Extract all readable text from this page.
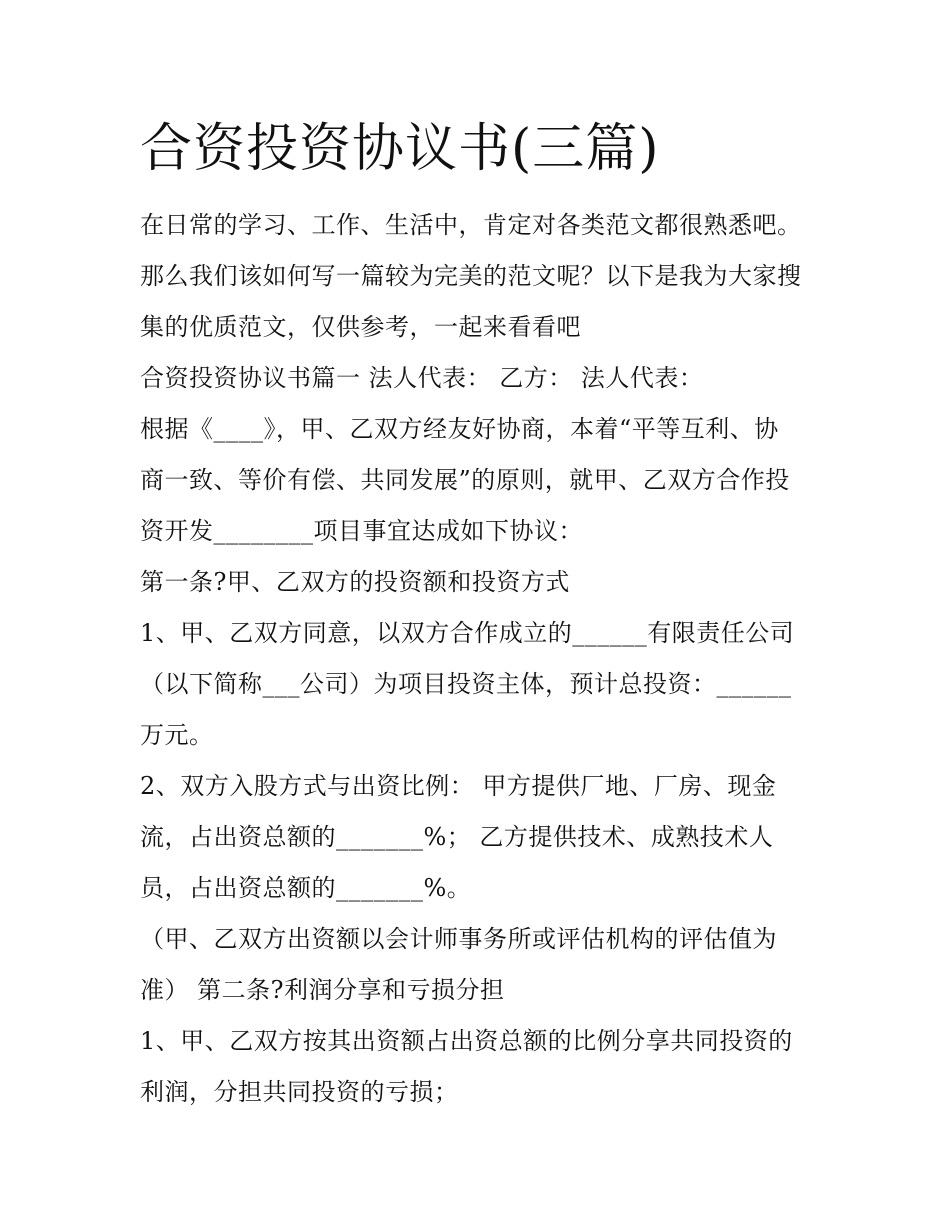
合资投资协议书(三篇)
在日常的学习、工作、生活中，肯定对各类范文都很熟悉吧。
那么我们该如何写一篇较为完美的范文呢？以下是我为大家搜
集的优质范文，仅供参考，一起来看看吧
合资投资协议书篇一 法人代表： 乙方： 法人代表：
根据《____》，甲、乙双方经友好协商，本着“平等互利、协
商一致、等价有偿、共同发展”的原则，就甲、乙双方合作投
资开发________项目事宜达成如下协议：
第一条?甲、乙双方的投资额和投资方式
1、甲、乙双方同意，以双方合作成立的______有限责任公司
（以下简称___公司）为项目投资主体，预计总投资：______
万元。
2、双方入股方式与出资比例： 甲方提供厂地、厂房、现金
流，占出资总额的_______%； 乙方提供技术、成熟技术人
员，占出资总额的_______%。
（甲、乙双方出资额以会计师事务所或评估机构的评估值为
准） 第二条?利润分享和亏损分担
1、甲、乙双方按其出资额占出资总额的比例分享共同投资的
利润，分担共同投资的亏损；
